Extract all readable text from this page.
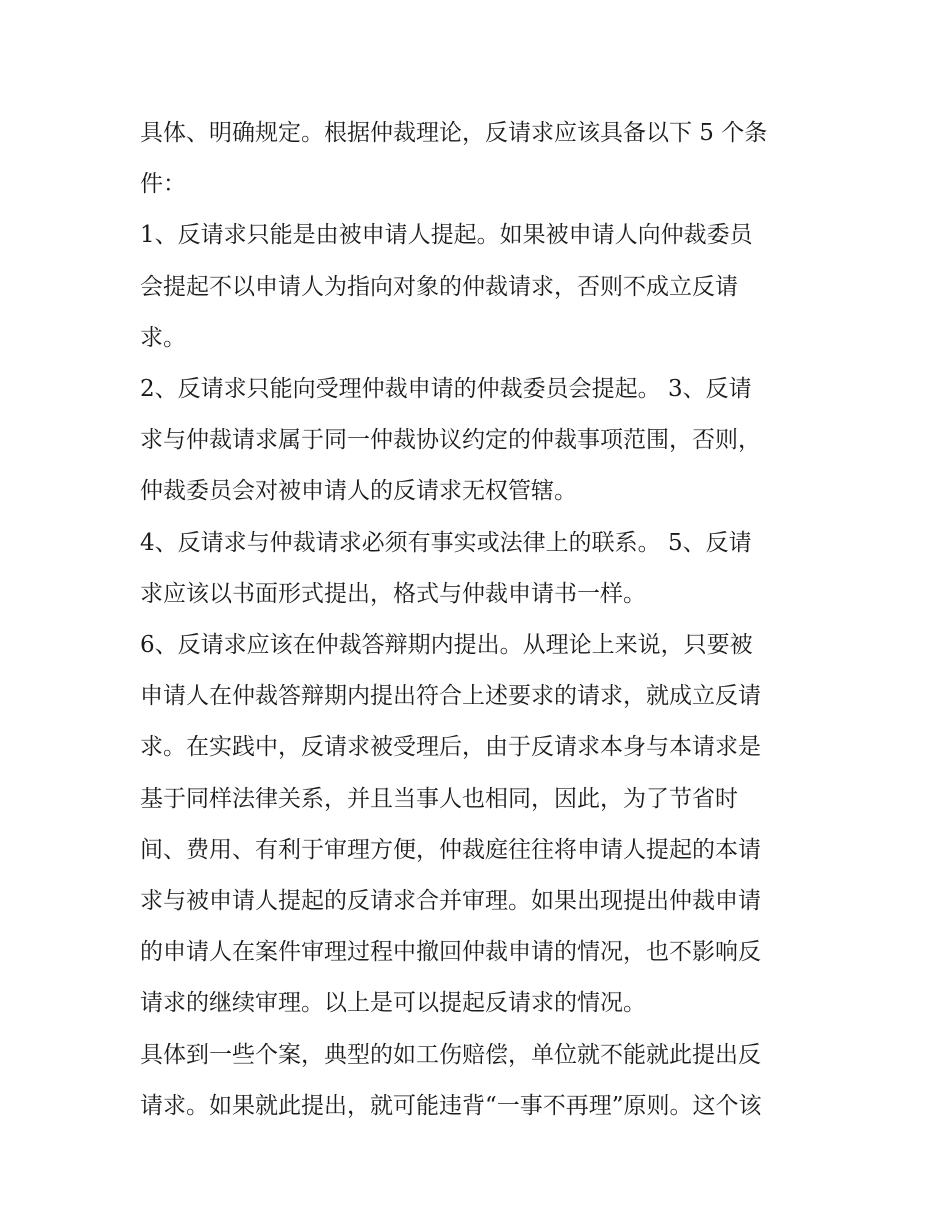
具体、明确规定。根据仲裁理论，反请求应该具备以下 5 个条
件：
1、反请求只能是由被申请人提起。如果被申请人向仲裁委员
会提起不以申请人为指向对象的仲裁请求，否则不成立反请
求。
2、反请求只能向受理仲裁申请的仲裁委员会提起。 3、反请
求与仲裁请求属于同一仲裁协议约定的仲裁事项范围，否则，
仲裁委员会对被申请人的反请求无权管辖。
4、反请求与仲裁请求必须有事实或法律上的联系。 5、反请
求应该以书面形式提出，格式与仲裁申请书一样。
6、反请求应该在仲裁答辩期内提出。从理论上来说，只要被
申请人在仲裁答辩期内提出符合上述要求的请求，就成立反请
求。在实践中，反请求被受理后，由于反请求本身与本请求是
基于同样法律关系，并且当事人也相同，因此，为了节省时
间、费用、有利于审理方便，仲裁庭往往将申请人提起的本请
求与被申请人提起的反请求合并审理。如果出现提出仲裁申请
的申请人在案件审理过程中撤回仲裁申请的情况，也不影响反
请求的继续审理。以上是可以提起反请求的情况。
具体到一些个案，典型的如工伤赔偿，单位就不能就此提出反
请求。如果就此提出，就可能违背“一事不再理”原则。这个该
